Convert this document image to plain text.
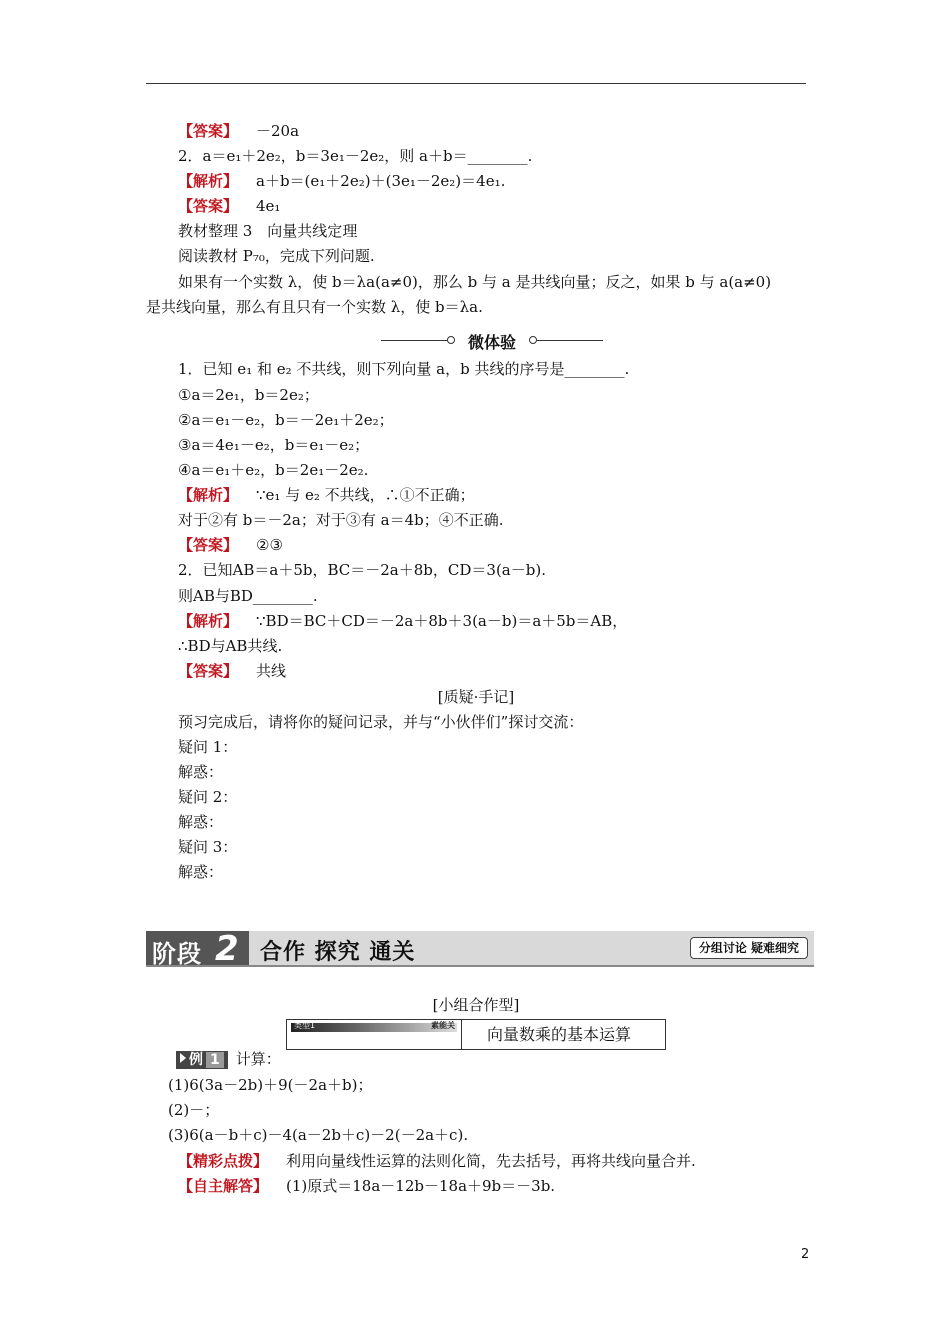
【答案】 －20a
2．a＝e₁＋2e₂，b＝3e₁－2e₂，则 a＋b＝________.
【解析】 a＋b＝(e₁＋2e₂)＋(3e₁－2e₂)＝4e₁.
【答案】 4e₁
教材整理 3　向量共线定理
阅读教材 P₇₀，完成下列问题.
如果有一个实数 λ，使 b＝λa(a≠0)，那么 b 与 a 是共线向量；反之，如果 b 与 a(a≠0)
是共线向量，那么有且只有一个实数 λ，使 b＝λa.
微体验
1．已知 e₁ 和 e₂ 不共线，则下列向量 a，b 共线的序号是________.
①a＝2e₁，b＝2e₂；
②a＝e₁－e₂，b＝－2e₁＋2e₂；
③a＝4e₁－e₂，b＝e₁－e₂；
④a＝e₁＋e₂，b＝2e₁－2e₂.
【解析】 ∵e₁ 与 e₂ 不共线，∴①不正确；
对于②有 b＝－2a；对于③有 a＝4b；④不正确.
【答案】 ②③
2．已知AB＝a＋5b，BC＝－2a＋8b，CD＝3(a－b).
则AB与BD________.
【解析】 ∵BD＝BC＋CD＝－2a＋8b＋3(a－b)＝a＋5b＝AB，
∴BD与AB共线.
【答案】 共线
[质疑·手记]
预习完成后，请将你的疑问记录，并与“小伙伴们”探讨交流：
疑问 1：
解惑：
疑问 2：
解惑：
疑问 3：
解惑：
阶段 2 合作 探究 通关	分组讨论 疑难细究
[小组合作型]
类型1	素能关 向量数乘的基本运算
例 1 计算：
(1)6(3a－2b)＋9(－2a＋b)；
(2)－；
(3)6(a－b＋c)－4(a－2b＋c)－2(－2a＋c).
【精彩点拨】 利用向量线性运算的法则化简，先去括号，再将共线向量合并.
【自主解答】 (1)原式＝18a－12b－18a＋9b＝－3b.
2
